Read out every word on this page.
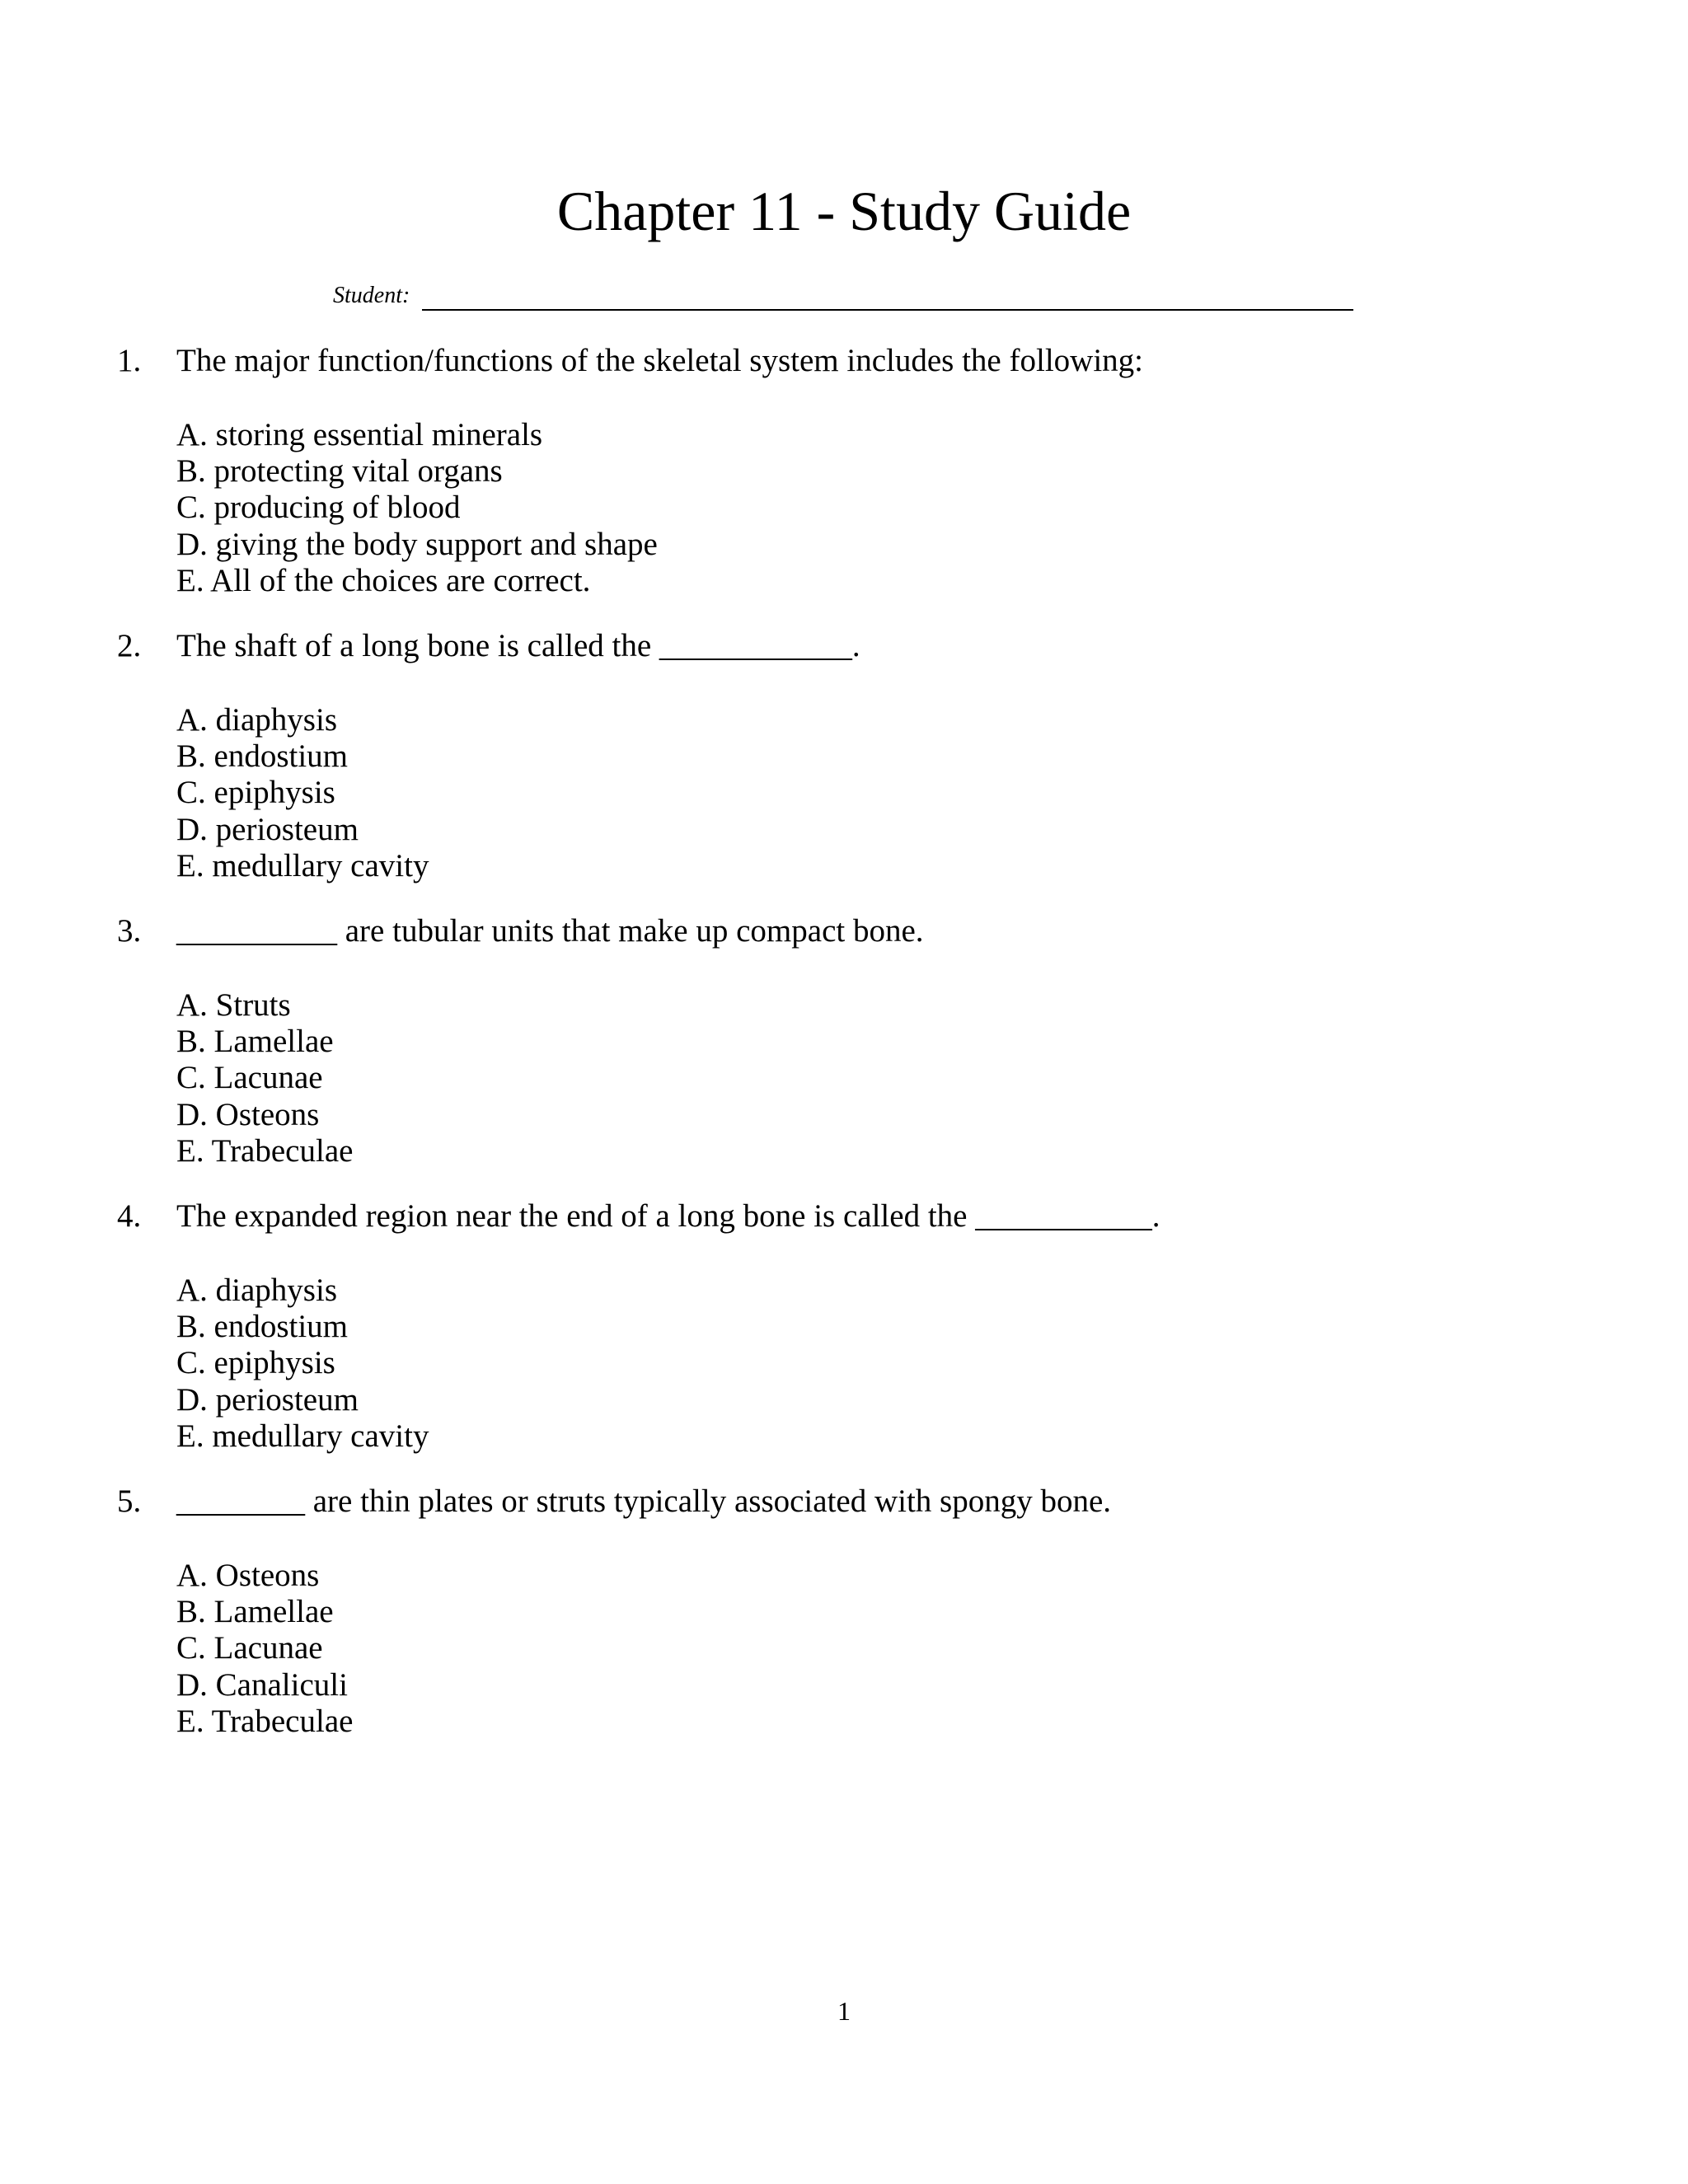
Chapter 11 - Study Guide
Student:
1. The major function/functions of the skeletal system includes the following:
A. storing essential minerals
B. protecting vital organs
C. producing of blood
D. giving the body support and shape
E. All of the choices are correct.
2. The shaft of a long bone is called the ____________.
A. diaphysis
B. endostium
C. epiphysis
D. periosteum
E. medullary cavity
3. __________ are tubular units that make up compact bone.
A. Struts
B. Lamellae
C. Lacunae
D. Osteons
E. Trabeculae
4. The expanded region near the end of a long bone is called the ___________.
A. diaphysis
B. endostium
C. epiphysis
D. periosteum
E. medullary cavity
5. ________ are thin plates or struts typically associated with spongy bone.
A. Osteons
B. Lamellae
C. Lacunae
D. Canaliculi
E. Trabeculae
1
